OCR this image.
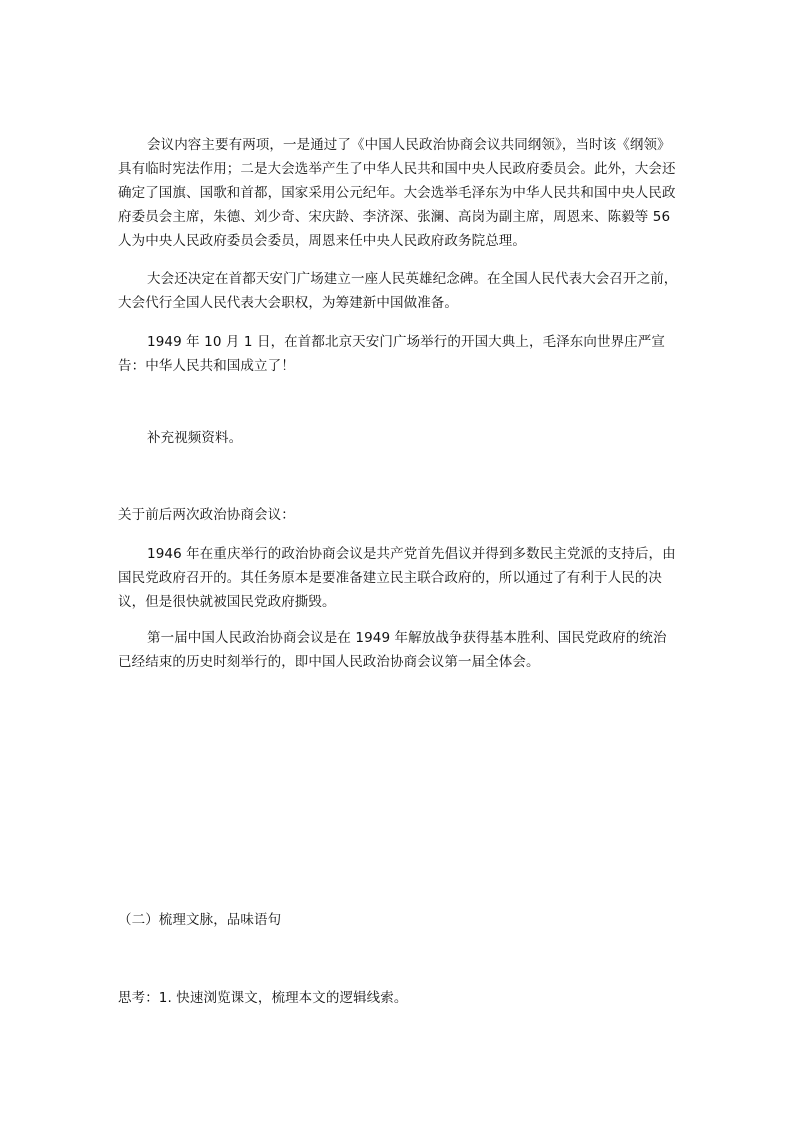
会议内容主要有两项，一是通过了《中国人民政治协商会议共同纲领》，当时该《纲领》具有临时宪法作用；二是大会选举产生了中华人民共和国中央人民政府委员会。此外，大会还确定了国旗、国歌和首都，国家采用公元纪年。大会选举毛泽东为中华人民共和国中央人民政府委员会主席，朱德、刘少奇、宋庆龄、李济深、张澜、高岗为副主席，周恩来、陈毅等 56 人为中央人民政府委员会委员，周恩来任中央人民政府政务院总理。

大会还决定在首都天安门广场建立一座人民英雄纪念碑。在全国人民代表大会召开之前，大会代行全国人民代表大会职权，为筹建新中国做准备。

1949 年 10 月 1 日，在首都北京天安门广场举行的开国大典上，毛泽东向世界庄严宣告：中华人民共和国成立了！

补充视频资料。

关于前后两次政治协商会议：

1946 年在重庆举行的政治协商会议是共产党首先倡议并得到多数民主党派的支持后，由国民党政府召开的。其任务原本是要准备建立民主联合政府的，所以通过了有利于人民的决议，但是很快就被国民党政府撕毁。

第一届中国人民政治协商会议是在 1949 年解放战争获得基本胜利、国民党政府的统治已经结束的历史时刻举行的，即中国人民政治协商会议第一届全体会。

（二）梳理文脉，品味语句

思考：1. 快速浏览课文，梳理本文的逻辑线索。
